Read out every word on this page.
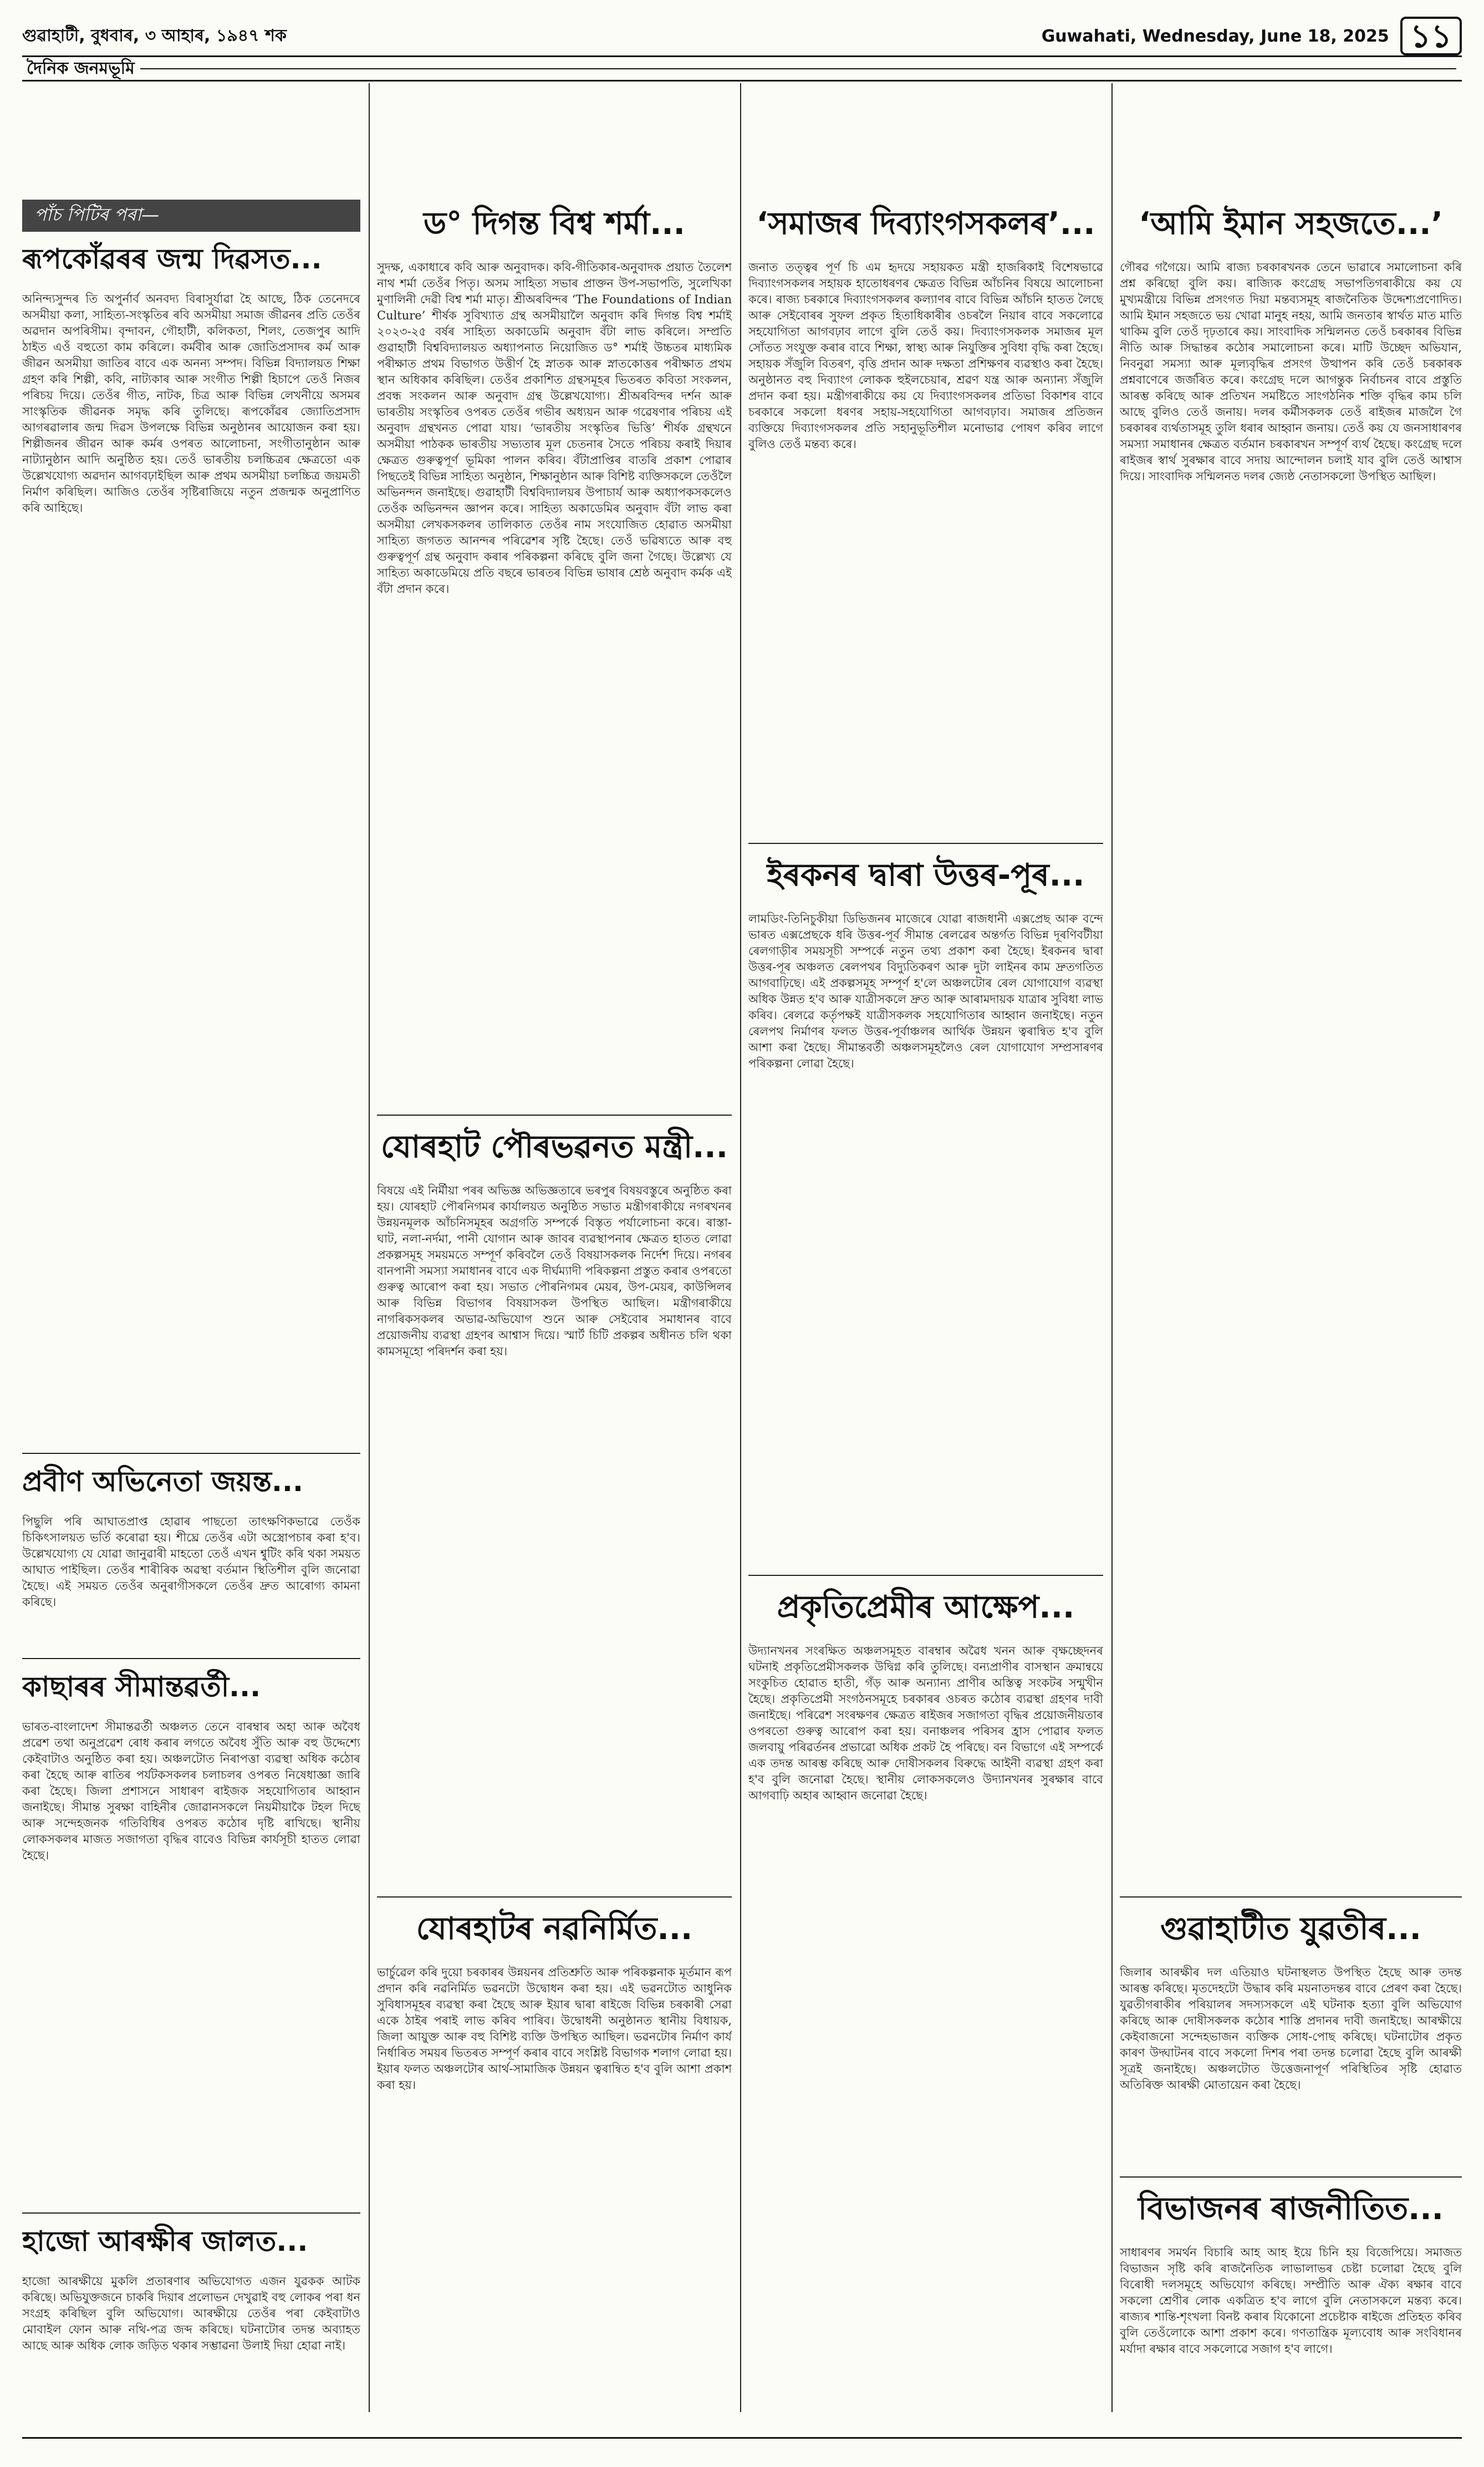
গুৱাহাটী, বুধবাৰ, ৩ আহাৰ, ১৯৪৭ শক	Guwahati, Wednesday, June 18, 2025 ১১
দৈনিক জনমভূমি
পাঁচ পিটিৰ পৰা—
ৰূপকোঁৱৰৰ জন্ম দিৱসত...
অনিন্দ্যসুন্দৰ তি অপুৰ্নাৰ্ব অনবদ্য বিৰাসুৰ্যাৱা হৈ আছে, ঠিক তেনেদৰে অসমীয়া কলা, সাহিত্য-সংস্কৃতিৰ ৰবি অসমীয়া সমাজ জীৱনৰ প্ৰতি তেওঁৰ অৱদান অপৰিসীম। বৃন্দাবন, গৌহাটী, কলিকতা, শিলং, তেজপুৰ আদি ঠাইত এওঁ বহুতো কাম কৰিলে। কৰ্মবীৰ আৰু জোতিপ্ৰসাদৰ কৰ্ম আৰু জীৱন অসমীয়া জাতিৰ বাবে এক অনন্য সম্পদ। বিভিন্ন বিদ্যালয়ত শিক্ষা গ্ৰহণ কৰি শিল্পী, কবি, নাট্যকাৰ আৰু সংগীত শিল্পী হিচাপে তেওঁ নিজৰ পৰিচয় দিয়ে। তেওঁৰ গীত, নাটক, চিত্ৰ আৰু বিভিন্ন লেখনীয়ে অসমৰ সাংস্কৃতিক জীৱনক সমৃদ্ধ কৰি তুলিছে। ৰূপকোঁৱৰ জ্যোতিপ্ৰসাদ আগৰৱালাৰ জন্ম দিৱস উপলক্ষে বিভিন্ন অনুষ্ঠানৰ আয়োজন কৰা হয়। শিল্পীজনৰ জীৱন আৰু কৰ্মৰ ওপৰত আলোচনা, সংগীতানুষ্ঠান আৰু নাট্যানুষ্ঠান আদি অনুষ্ঠিত হয়। তেওঁ ভাৰতীয় চলচ্চিত্ৰৰ ক্ষেত্ৰতো এক উল্লেখযোগ্য অৱদান আগবঢ়াইছিল আৰু প্ৰথম অসমীয়া চলচ্চিত্ৰ জয়মতী নিৰ্মাণ কৰিছিল। আজিও তেওঁৰ সৃষ্টিৰাজিয়ে নতুন প্ৰজন্মক অনুপ্ৰাণিত কৰি আহিছে।
প্ৰবীণ অভিনেতা জয়ন্ত...
পিছুলি পৰি আঘাতপ্ৰাপ্ত হোৱাৰ পাছতো তাৎক্ষণিকভাৱে তেওঁক চিকিৎসালয়ত ভৰ্তি কৰোৱা হয়। শীঘ্ৰে তেওঁৰ এটা অস্ত্ৰোপচাৰ কৰা হ'ব। উল্লেখযোগ্য যে যোৱা জানুৱাৰী মাহতো তেওঁ এখন শ্বুটিং কৰি থকা সময়ত আঘাত পাইছিল। তেওঁৰ শাৰীৰিক অৱস্থা বৰ্তমান স্থিতিশীল বুলি জনোৱা হৈছে। এই সময়ত তেওঁৰ অনুৰাগীসকলে তেওঁৰ দ্ৰুত আৰোগ্য কামনা কৰিছে।
কাছাৰৰ সীমান্তৱৰ্তী...
ভাৰত-বাংলাদেশ সীমান্তৱৰ্তী অঞ্চলত তেনে বাৰম্বাৰ অহা আৰু অবৈধ প্ৰৱেশ তথা অনুপ্ৰৱেশ ৰোধ কৰাৰ লগতে অবৈধ সুঁতি আৰু বহু উদ্দেশ্যে কেইবাটাও অনুষ্ঠিত কৰা হয়। অঞ্চলটোত নিৰাপত্তা ব্যৱস্থা অধিক কঠোৰ কৰা হৈছে আৰু ৰাতিৰ পৰ্যটকসকলৰ চলাচলৰ ওপৰত নিষেধাজ্ঞা জাৰি কৰা হৈছে। জিলা প্ৰশাসনে সাধাৰণ ৰাইজক সহযোগিতাৰ আহ্বান জনাইছে। সীমান্ত সুৰক্ষা বাহিনীৰ জোৱানসকলে নিয়মীয়াকৈ টহল দিছে আৰু সন্দেহজনক গতিবিধিৰ ওপৰত কঠোৰ দৃষ্টি ৰাখিছে। স্থানীয় লোকসকলৰ মাজত সজাগতা বৃদ্ধিৰ বাবেও বিভিন্ন কাৰ্যসূচী হাতত লোৱা হৈছে।
হাজো আৰক্ষীৰ জালত...
হাজো আৰক্ষীয়ে মুকলি প্ৰতাৰণাৰ অভিযোগত এজন যুৱকক আটক কৰিছে। অভিযুক্তজনে চাকৰি দিয়াৰ প্ৰলোভন দেখুৱাই বহু লোকৰ পৰা ধন সংগ্ৰহ কৰিছিল বুলি অভিযোগ। আৰক্ষীয়ে তেওঁৰ পৰা কেইবাটাও মোবাইল ফোন আৰু নথি-পত্ৰ জব্দ কৰিছে। ঘটনাটোৰ তদন্ত অব্যাহত আছে আৰু অধিক লোক জড়িত থকাৰ সম্ভাৱনা উলাই দিয়া হোৱা নাই।
ড° দিগন্ত বিশ্ব শৰ্মা...
সুদক্ষ, একাধাৰে কবি আৰু অনুবাদক। কবি-গীতিকাৰ-অনুবাদক প্ৰয়াত তৈলেশ নাথ শৰ্মা তেওঁৰ পিতৃ। অসম সাহিত্য সভাৰ প্ৰাক্তন উপ-সভাপতি, সুলেখিকা মুণালিনী দেৱী বিশ্ব শৰ্মা মাতৃ। শ্ৰীঅৰবিন্দৰ ‘The Foundations of Indian Culture’ শীৰ্ষক সুবিখ্যাত গ্ৰন্থ অসমীয়ালৈ অনুবাদ কৰি দিগন্ত বিশ্ব শৰ্মাই ২০২৩-২৫ বৰ্ষৰ সাহিত্য অকাডেমি অনুবাদ বঁটা লাভ কৰিলে। সম্প্ৰতি গুৱাহাটী বিশ্ববিদ্যালয়ত অধ্যাপনাত নিয়োজিত ড° শৰ্মাই উচ্চতৰ মাধ্যমিক পৰীক্ষাত প্ৰথম বিভাগত উত্তীৰ্ণ হৈ স্নাতক আৰু স্নাতকোত্তৰ পৰীক্ষাত প্ৰথম স্থান অধিকাৰ কৰিছিল। তেওঁৰ প্ৰকাশিত গ্ৰন্থসমূহৰ ভিতৰত কবিতা সংকলন, প্ৰবন্ধ সংকলন আৰু অনুবাদ গ্ৰন্থ উল্লেখযোগ্য। শ্ৰীঅৰবিন্দৰ দৰ্শন আৰু ভাৰতীয় সংস্কৃতিৰ ওপৰত তেওঁৰ গভীৰ অধ্যয়ন আৰু গৱেষণাৰ পৰিচয় এই অনুবাদ গ্ৰন্থখনত পোৱা যায়। ‘ভাৰতীয় সংস্কৃতিৰ ভিত্তি’ শীৰ্ষক গ্ৰন্থখনে অসমীয়া পাঠকক ভাৰতীয় সভ্যতাৰ মূল চেতনাৰ সৈতে পৰিচয় কৰাই দিয়াৰ ক্ষেত্ৰত গুৰুত্বপূৰ্ণ ভূমিকা পালন কৰিব। বঁটাপ্ৰাপ্তিৰ বাতৰি প্ৰকাশ পোৱাৰ পিছতেই বিভিন্ন সাহিত্য অনুষ্ঠান, শিক্ষানুষ্ঠান আৰু বিশিষ্ট ব্যক্তিসকলে তেওঁলৈ অভিনন্দন জনাইছে। গুৱাহাটী বিশ্ববিদ্যালয়ৰ উপাচাৰ্য আৰু অধ্যাপকসকলেও তেওঁক অভিনন্দন জ্ঞাপন কৰে। সাহিত্য অকাডেমিৰ অনুবাদ বঁটা লাভ কৰা অসমীয়া লেখকসকলৰ তালিকাত তেওঁৰ নাম সংযোজিত হোৱাত অসমীয়া সাহিত্য জগতত আনন্দৰ পৰিৱেশৰ সৃষ্টি হৈছে। তেওঁ ভৱিষ্যতে আৰু বহু গুৰুত্বপূৰ্ণ গ্ৰন্থ অনুবাদ কৰাৰ পৰিকল্পনা কৰিছে বুলি জনা গৈছে। উল্লেখ্য যে সাহিত্য অকাডেমিয়ে প্ৰতি বছৰে ভাৰতৰ বিভিন্ন ভাষাৰ শ্ৰেষ্ঠ অনুবাদ কৰ্মক এই বঁটা প্ৰদান কৰে।
যোৰহাট পৌৰভৱনত মন্ত্ৰী...
বিষয়ে এই নিৰ্মীয়া পৰৰ অভিজ্ঞ অভিজ্ঞতাৰে ভৰপুৰ বিষয়বস্তুৰে অনুষ্ঠিত কৰা হয়। যোৰহাট পৌৰনিগমৰ কাৰ্যালয়ত অনুষ্ঠিত সভাত মন্ত্ৰীগৰাকীয়ে নগৰখনৰ উন্নয়নমূলক আঁচনিসমূহৰ অগ্ৰগতি সম্পৰ্কে বিস্তৃত পৰ্যালোচনা কৰে। ৰাস্তা-ঘাট, নলা-নৰ্দমা, পানী যোগান আৰু জাবৰ ব্যৱস্থাপনাৰ ক্ষেত্ৰত হাতত লোৱা প্ৰকল্পসমূহ সময়মতে সম্পূৰ্ণ কৰিবলৈ তেওঁ বিষয়াসকলক নিৰ্দেশ দিয়ে। নগৰৰ বানপানী সমস্যা সমাধানৰ বাবে এক দীৰ্ঘম্যাদী পৰিকল্পনা প্ৰস্তুত কৰাৰ ওপৰতো গুৰুত্ব আৰোপ কৰা হয়। সভাত পৌৰনিগমৰ মেয়ৰ, উপ-মেয়ৰ, কাউন্সিলৰ আৰু বিভিন্ন বিভাগৰ বিষয়াসকল উপস্থিত আছিল। মন্ত্ৰীগৰাকীয়ে নাগৰিকসকলৰ অভাৱ-অভিযোগ শুনে আৰু সেইবোৰ সমাধানৰ বাবে প্ৰয়োজনীয় ব্যৱস্থা গ্ৰহণৰ আশ্বাস দিয়ে। স্মাৰ্ট চিটি প্ৰকল্পৰ অধীনত চলি থকা কামসমূহো পৰিদৰ্শন কৰা হয়।
যোৰহাটৰ নৱনিৰ্মিত...
ভাৰ্চুৱেল কৰি দুয়ো চৰকাৰৰ উন্নয়নৰ প্ৰতিশ্ৰুতি আৰু পৰিকল্পনাক মূৰ্তমান ৰূপ প্ৰদান কৰি নৱনিৰ্মিত ভৱনটো উদ্বোধন কৰা হয়। এই ভৱনটোত আধুনিক সুবিধাসমূহৰ ব্যৱস্থা কৰা হৈছে আৰু ইয়াৰ দ্বাৰা ৰাইজে বিভিন্ন চৰকাৰী সেৱা একে ঠাইৰ পৰাই লাভ কৰিব পাৰিব। উদ্বোধনী অনুষ্ঠানত স্থানীয় বিধায়ক, জিলা আয়ুক্ত আৰু বহু বিশিষ্ট ব্যক্তি উপস্থিত আছিল। ভৱনটোৰ নিৰ্মাণ কাৰ্য নিৰ্ধাৰিত সময়ৰ ভিতৰত সম্পূৰ্ণ কৰাৰ বাবে সংশ্লিষ্ট বিভাগক শলাগ লোৱা হয়। ইয়াৰ ফলত অঞ্চলটোৰ আৰ্থ-সামাজিক উন্নয়ন ত্বৰান্বিত হ'ব বুলি আশা প্ৰকাশ কৰা হয়।
‘সমাজৰ দিব্যাংগসকলৰ’...
জনাত তত্ত্বৰ পূৰ্ণ চি এম হৃদয়ে সহায়কত মন্ত্ৰী হাজৰিকাই বিশেষভাৱে দিব্যাংগসকলৰ সহায়ক হাতোধৰণৰ ক্ষেত্ৰত বিভিন্ন আঁচনিৰ বিষয়ে আলোচনা কৰে। ৰাজ্য চৰকাৰে দিব্যাংগসকলৰ কল্যাণৰ বাবে বিভিন্ন আঁচনি হাতত লৈছে আৰু সেইবোৰৰ সুফল প্ৰকৃত হিতাধিকাৰীৰ ওচৰলৈ নিয়াৰ বাবে সকলোৱে সহযোগিতা আগবঢ়াব লাগে বুলি তেওঁ কয়। দিব্যাংগসকলক সমাজৰ মূল সোঁতত সংযুক্ত কৰাৰ বাবে শিক্ষা, স্বাস্থ্য আৰু নিযুক্তিৰ সুবিধা বৃদ্ধি কৰা হৈছে। সহায়ক সঁজুলি বিতৰণ, বৃত্তি প্ৰদান আৰু দক্ষতা প্ৰশিক্ষণৰ ব্যৱস্থাও কৰা হৈছে। অনুষ্ঠানত বহু দিব্যাংগ লোকক হুইলচেয়াৰ, শ্ৰৱণ যন্ত্ৰ আৰু অন্যান্য সঁজুলি প্ৰদান কৰা হয়। মন্ত্ৰীগৰাকীয়ে কয় যে দিব্যাংগসকলৰ প্ৰতিভা বিকাশৰ বাবে চৰকাৰে সকলো ধৰণৰ সহায়-সহযোগিতা আগবঢ়াব। সমাজৰ প্ৰতিজন ব্যক্তিয়ে দিব্যাংগসকলৰ প্ৰতি সহানুভূতিশীল মনোভাৱ পোষণ কৰিব লাগে বুলিও তেওঁ মন্তব্য কৰে।
ইৰকনৰ দ্বাৰা উত্তৰ-পূৰ...
লামডিং-তিনিচুকীয়া ডিভিজনৰ মাজেৰে যোৱা ৰাজধানী এক্সপ্ৰেছ আৰু বন্দে ভাৰত এক্সপ্ৰেছকে ধৰি উত্তৰ-পূৰ্ব সীমান্ত ৰেলৱেৰ অন্তৰ্গত বিভিন্ন দূৰণিবটীয়া ৰেলগাড়ীৰ সময়সূচী সম্পৰ্কে নতুন তথ্য প্ৰকাশ কৰা হৈছে। ইৰকনৰ দ্বাৰা উত্তৰ-পূৰ অঞ্চলত ৰেলপথৰ বিদ্যুতিকৰণ আৰু দুটা লাইনৰ কাম দ্ৰুতগতিত আগবাঢ়িছে। এই প্ৰকল্পসমূহ সম্পূৰ্ণ হ'লে অঞ্চলটোৰ ৰেল যোগাযোগ ব্যৱস্থা অধিক উন্নত হ'ব আৰু যাত্ৰীসকলে দ্ৰুত আৰু আৰামদায়ক যাত্ৰাৰ সুবিধা লাভ কৰিব। ৰেলৱে কৰ্তৃপক্ষই যাত্ৰীসকলক সহযোগিতাৰ আহ্বান জনাইছে। নতুন ৰেলপথ নিৰ্মাণৰ ফলত উত্তৰ-পূৰ্বাঞ্চলৰ আৰ্থিক উন্নয়ন ত্বৰান্বিত হ'ব বুলি আশা কৰা হৈছে। সীমান্তবৰ্তী অঞ্চলসমূহলৈও ৰেল যোগাযোগ সম্প্ৰসাৰণৰ পৰিকল্পনা লোৱা হৈছে।
প্ৰকৃতিপ্ৰেমীৰ আক্ষেপ...
উদ্যানখনৰ সংৰক্ষিত অঞ্চলসমূহত বাৰম্বাৰ অৱৈধ খনন আৰু বৃক্ষচ্ছেদনৰ ঘটনাই প্ৰকৃতিপ্ৰেমীসকলক উদ্বিগ্ন কৰি তুলিছে। বন্যপ্ৰাণীৰ বাসস্থান ক্ৰমান্বয়ে সংকুচিত হোৱাত হাতী, গঁড় আৰু অন্যান্য প্ৰাণীৰ অস্তিত্ব সংকটৰ সন্মুখীন হৈছে। প্ৰকৃতিপ্ৰেমী সংগঠনসমূহে চৰকাৰৰ ওচৰত কঠোৰ ব্যৱস্থা গ্ৰহণৰ দাবী জনাইছে। পৰিৱেশ সংৰক্ষণৰ ক্ষেত্ৰত ৰাইজৰ সজাগতা বৃদ্ধিৰ প্ৰয়োজনীয়তাৰ ওপৰতো গুৰুত্ব আৰোপ কৰা হয়। বনাঞ্চলৰ পৰিসৰ হ্ৰাস পোৱাৰ ফলত জলবায়ু পৰিৱৰ্তনৰ প্ৰভাৱো অধিক প্ৰকট হৈ পৰিছে। বন বিভাগে এই সম্পৰ্কে এক তদন্ত আৰম্ভ কৰিছে আৰু দোষীসকলৰ বিৰুদ্ধে আইনী ব্যৱস্থা গ্ৰহণ কৰা হ'ব বুলি জনোৱা হৈছে। স্থানীয় লোকসকলেও উদ্যানখনৰ সুৰক্ষাৰ বাবে আগবাঢ়ি অহাৰ আহ্বান জনোৱা হৈছে।
‘আমি ইমান সহজতে...’
গৌৰৱ গগৈয়ে। আমি ৰাজ্য চৰকাৰখনক তেনে ভাৱাৰে সমালোচনা কৰি প্ৰশ্ন কৰিছো বুলি কয়। ৰাজ্যিক কংগ্ৰেছ সভাপতিগৰাকীয়ে কয় যে মুখ্যমন্ত্ৰীয়ে বিভিন্ন প্ৰসংগত দিয়া মন্তব্যসমূহ ৰাজনৈতিক উদ্দেশ্যপ্ৰণোদিত। আমি ইমান সহজতে ভয় খোৱা মানুহ নহয়, আমি জনতাৰ স্বাৰ্থত মাত মাতি থাকিম বুলি তেওঁ দৃঢ়তাৰে কয়। সাংবাদিক সন্মিলনত তেওঁ চৰকাৰৰ বিভিন্ন নীতি আৰু সিদ্ধান্তৰ কঠোৰ সমালোচনা কৰে। মাটি উচ্ছেদ অভিযান, নিবনুৱা সমস্যা আৰু মূল্যবৃদ্ধিৰ প্ৰসংগ উত্থাপন কৰি তেওঁ চৰকাৰক প্ৰশ্নবাণেৰে জৰ্জৰিত কৰে। কংগ্ৰেছ দলে আগন্তুক নিৰ্বাচনৰ বাবে প্ৰস্তুতি আৰম্ভ কৰিছে আৰু প্ৰতিখন সমষ্টিতে সাংগঠনিক শক্তি বৃদ্ধিৰ কাম চলি আছে বুলিও তেওঁ জনায়। দলৰ কৰ্মীসকলক তেওঁ ৰাইজৰ মাজলৈ গৈ চৰকাৰৰ ব্যৰ্থতাসমূহ তুলি ধৰাৰ আহ্বান জনায়। তেওঁ কয় যে জনসাধাৰণৰ সমস্যা সমাধানৰ ক্ষেত্ৰত বৰ্তমান চৰকাৰখন সম্পূৰ্ণ ব্যৰ্থ হৈছে। কংগ্ৰেছ দলে ৰাইজৰ স্বাৰ্থ সুৰক্ষাৰ বাবে সদায় আন্দোলন চলাই যাব বুলি তেওঁ আশ্বাস দিয়ে। সাংবাদিক সন্মিলনত দলৰ জ্যেষ্ঠ নেতাসকলো উপস্থিত আছিল।
গুৱাহাটীত যুৱতীৰ...
জিলাৰ আৰক্ষীৰ দল এতিয়াও ঘটনাস্থলত উপস্থিত হৈছে আৰু তদন্ত আৰম্ভ কৰিছে। মৃতদেহটো উদ্ধাৰ কৰি ময়নাতদন্তৰ বাবে প্ৰেৰণ কৰা হৈছে। যুৱতীগৰাকীৰ পৰিয়ালৰ সদস্যসকলে এই ঘটনাক হত্যা বুলি অভিযোগ কৰিছে আৰু দোষীসকলক কঠোৰ শাস্তি প্ৰদানৰ দাবী জনাইছে। আৰক্ষীয়ে কেইবাজনো সন্দেহভাজন ব্যক্তিক সোধ-পোছ কৰিছে। ঘটনাটোৰ প্ৰকৃত কাৰণ উদ্ঘাটনৰ বাবে সকলো দিশৰ পৰা তদন্ত চলোৱা হৈছে বুলি আৰক্ষী সূত্ৰই জনাইছে। অঞ্চলটোত উত্তেজনাপূৰ্ণ পৰিস্থিতিৰ সৃষ্টি হোৱাত অতিৰিক্ত আৰক্ষী মোতায়েন কৰা হৈছে।
বিভাজনৰ ৰাজনীতিত...
সাধাৰণৰ সমৰ্থন বিচাৰি আহ আহ ইয়ে চিনি হয় বিজেপিয়ে। সমাজত বিভাজন সৃষ্টি কৰি ৰাজনৈতিক লাভালাভৰ চেষ্টা চলোৱা হৈছে বুলি বিৰোধী দলসমূহে অভিযোগ কৰিছে। সম্প্ৰীতি আৰু ঐক্য ৰক্ষাৰ বাবে সকলো শ্ৰেণীৰ লোক একত্ৰিত হ'ব লাগে বুলি নেতাসকলে মন্তব্য কৰে। ৰাজ্যৰ শান্তি-শৃংখলা বিনষ্ট কৰাৰ যিকোনো প্ৰচেষ্টাক ৰাইজে প্ৰতিহত কৰিব বুলি তেওঁলোকে আশা প্ৰকাশ কৰে। গণতান্ত্ৰিক মূল্যবোধ আৰু সংবিধানৰ মৰ্যাদা ৰক্ষাৰ বাবে সকলোৱে সজাগ হ'ব লাগে।
